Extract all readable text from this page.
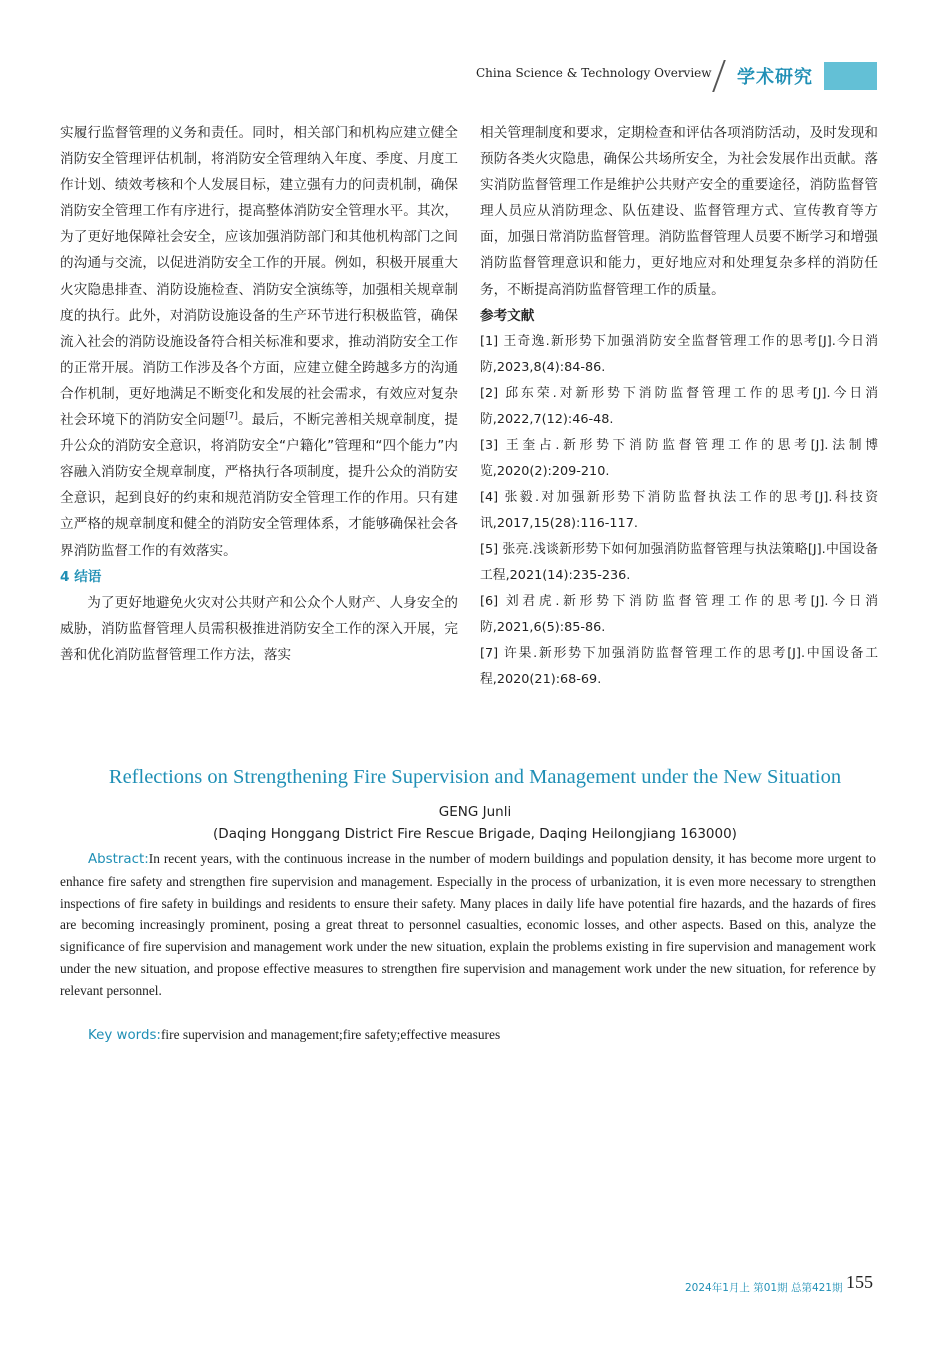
China Science & Technology Overview 学术研究

实履行监督管理的义务和责任。同时，相关部门和机构应建立健全消防安全管理评估机制，将消防安全管理纳入年度、季度、月度工作计划、绩效考核和个人发展目标，建立强有力的问责机制，确保消防安全管理工作有序进行，提高整体消防安全管理水平。其次，为了更好地保障社会安全，应该加强消防部门和其他机构部门之间的沟通与交流，以促进消防安全工作的开展。例如，积极开展重大火灾隐患排查、消防设施检查、消防安全演练等，加强相关规章制度的执行。此外，对消防设施设备的生产环节进行积极监管，确保流入社会的消防设施设备符合相关标准和要求，推动消防安全工作的正常开展。消防工作涉及各个方面，应建立健全跨越多方的沟通合作机制，更好地满足不断变化和发展的社会需求，有效应对复杂社会环境下的消防安全问题[7]。最后，不断完善相关规章制度，提升公众的消防安全意识，将消防安全“户籍化”管理和“四个能力”内容融入消防安全规章制度，严格执行各项制度，提升公众的消防安全意识，起到良好的约束和规范消防安全管理工作的作用。只有建立严格的规章制度和健全的消防安全管理体系，才能够确保社会各界消防监督工作的有效落实。

4 结语

为了更好地避免火灾对公共财产和公众个人财产、人身安全的威胁，消防监督管理人员需积极推进消防安全工作的深入开展，完善和优化消防监督管理工作方法，落实

相关管理制度和要求，定期检查和评估各项消防活动，及时发现和预防各类火灾隐患，确保公共场所安全，为社会发展作出贡献。落实消防监督管理工作是维护公共财产安全的重要途径，消防监督管理人员应从消防理念、队伍建设、监督管理方式、宣传教育等方面，加强日常消防监督管理。消防监督管理人员要不断学习和增强消防监督管理意识和能力，更好地应对和处理复杂多样的消防任务，不断提高消防监督管理工作的质量。

参考文献

[1] 王奇逸.新形势下加强消防安全监督管理工作的思考[J].今日消防,2023,8(4):84-86.

[2] 邱东荣.对新形势下消防监督管理工作的思考[J].今日消防,2022,7(12):46-48.

[3] 王奎占.新形势下消防监督管理工作的思考[J].法制博览,2020(2):209-210.

[4] 张毅.对加强新形势下消防监督执法工作的思考[J].科技资讯,2017,15(28):116-117.

[5] 张亮.浅谈新形势下如何加强消防监督管理与执法策略[J].中国设备工程,2021(14):235-236.

[6] 刘君虎.新形势下消防监督管理工作的思考[J].今日消防,2021,6(5):85-86.

[7] 许果.新形势下加强消防监督管理工作的思考[J].中国设备工程,2020(21):68-69.

Reflections on Strengthening Fire Supervision and Management under the New Situation
GENG Junli
(Daqing Honggang District Fire Rescue Brigade, Daqing Heilongjiang 163000)
Abstract:In recent years, with the continuous increase in the number of modern buildings and population density, it has become more urgent to enhance fire safety and strengthen fire supervision and management. Especially in the process of urbanization, it is even more necessary to strengthen inspections of fire safety in buildings and residents to ensure their safety. Many places in daily life have potential fire hazards, and the hazards of fires are becoming increasingly prominent, posing a great threat to personnel casualties, economic losses, and other aspects. Based on this, analyze the significance of fire supervision and management work under the new situation, explain the problems existing in fire supervision and management work under the new situation, and propose effective measures to strengthen fire supervision and management work under the new situation, for reference by relevant personnel.
Key words:fire supervision and management;fire safety;effective measures
2024年1月上 第01期 总第421期 155
